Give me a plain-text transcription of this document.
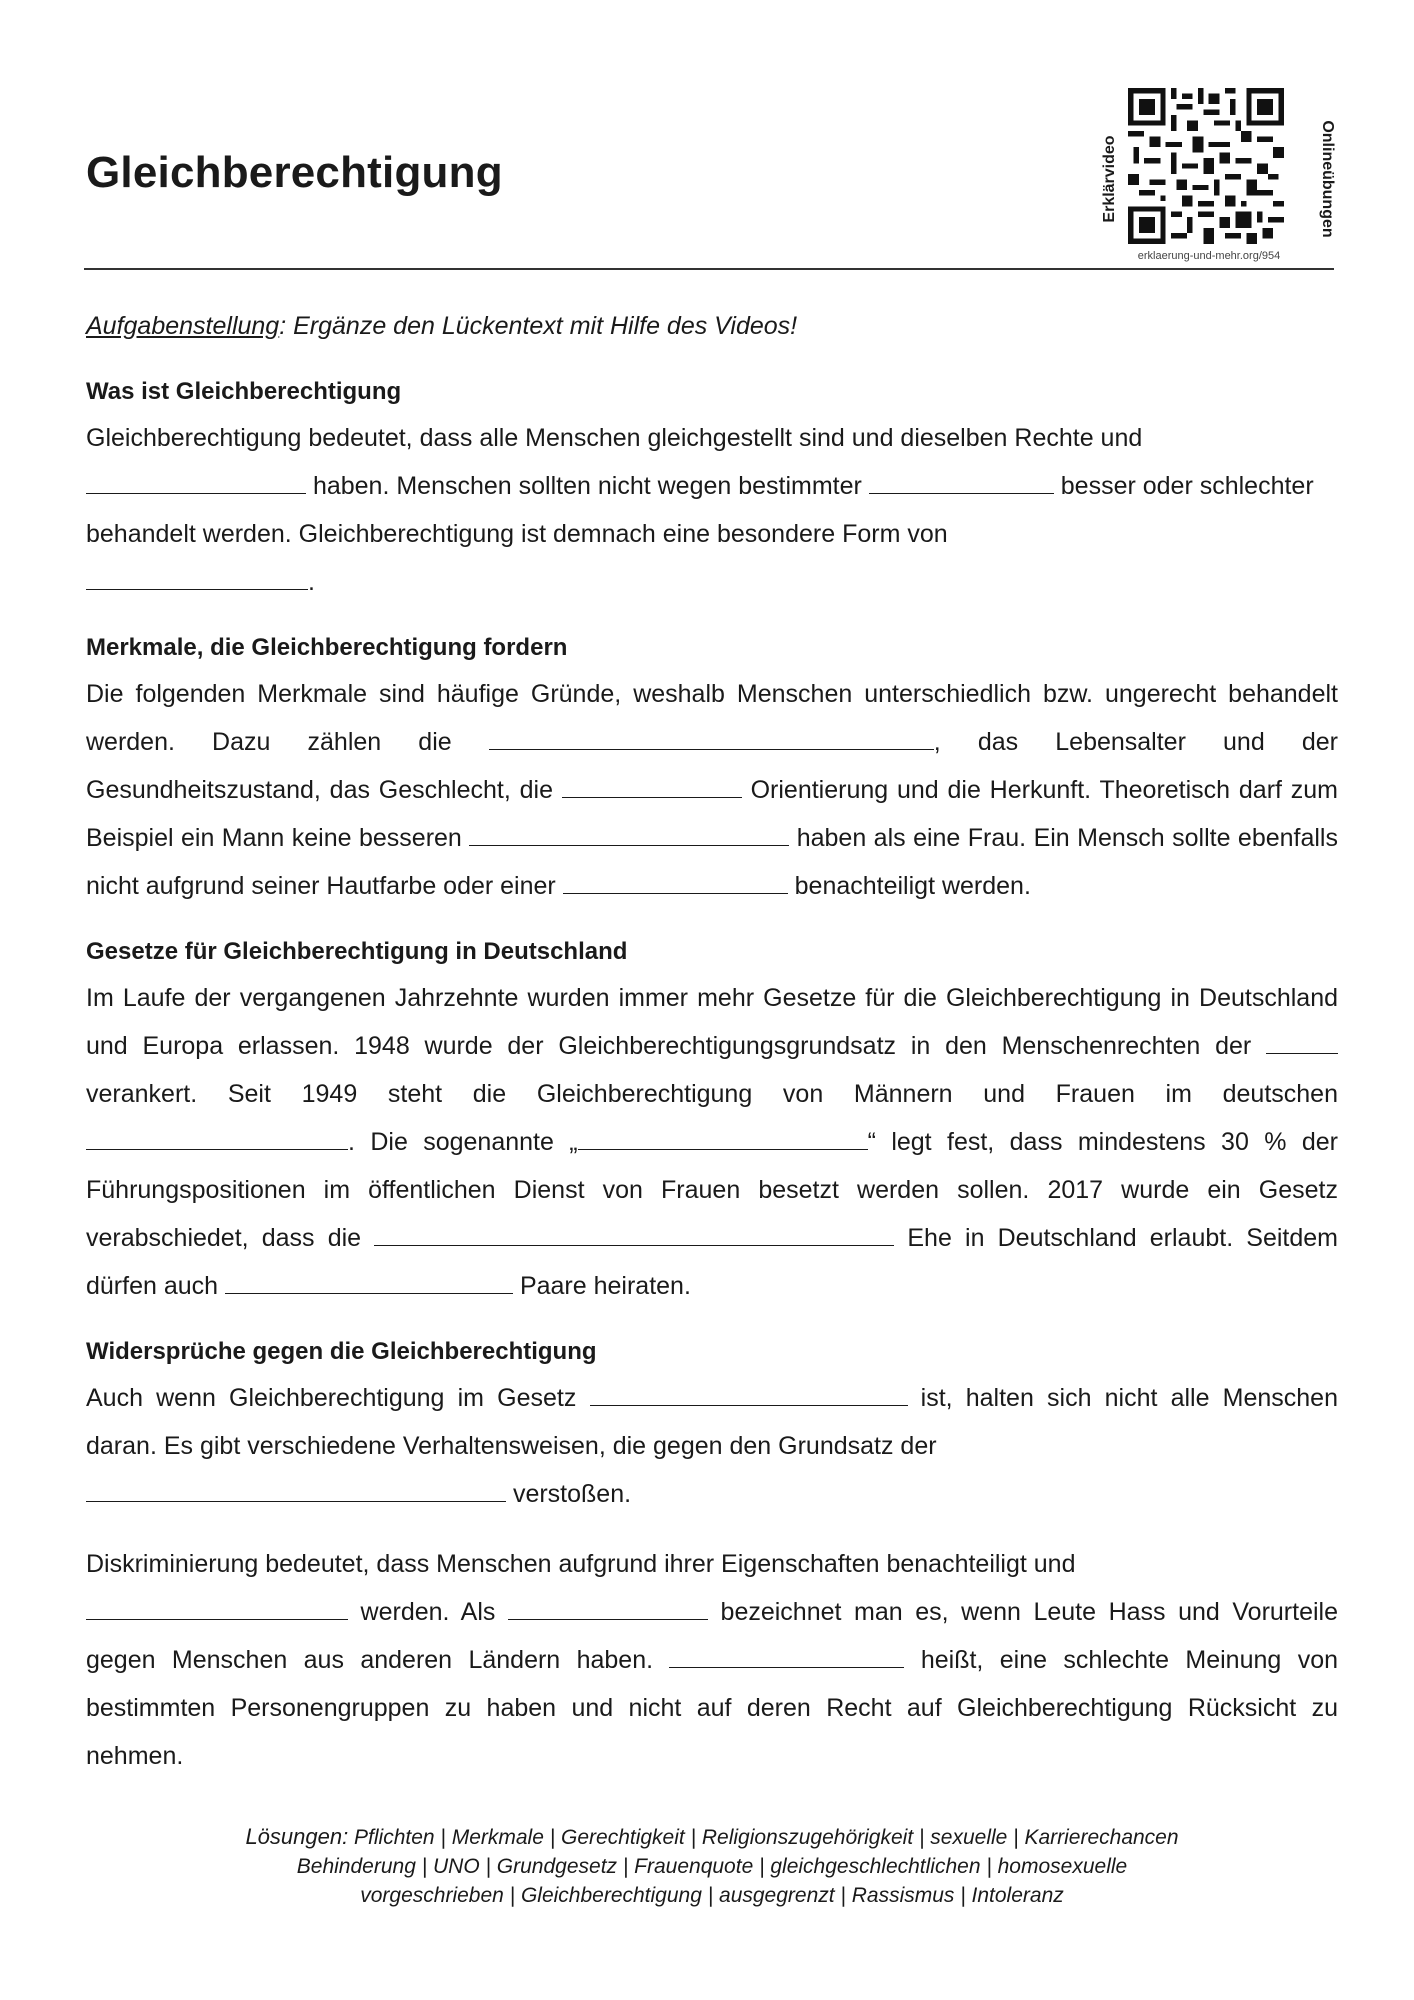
Gleichberechtigung	Erklärvideo	Onlineübungen
erklaerung-und-mehr.org/954

Aufgabenstellung: Ergänze den Lückentext mit Hilfe des Videos!

Was ist Gleichberechtigung

Gleichberechtigung bedeutet, dass alle Menschen gleichgestellt sind und dieselben Rechte und
haben. Menschen sollten nicht wegen bestimmter	besser oder schlechter behandelt werden. Gleichberechtigung ist demnach eine besondere Form von
.

Merkmale, die Gleichberechtigung fordern

Die folgenden Merkmale sind häufige Gründe, weshalb Menschen unterschiedlich bzw. ungerecht behandelt werden. Dazu zählen die	, das Lebensalter und der Gesundheitszustand, das Geschlecht, die	Orientierung und die Herkunft. Theoretisch darf zum Beispiel ein Mann keine besseren	haben als eine Frau. Ein Mensch sollte ebenfalls nicht aufgrund seiner Hautfarbe oder einer	benachteiligt werden.

Gesetze für Gleichberechtigung in Deutschland

Im Laufe der vergangenen Jahrzehnte wurden immer mehr Gesetze für die Gleichberechtigung in Deutschland und Europa erlassen. 1948 wurde der Gleichberechtigungsgrundsatz in den Menschenrechten der  verankert. Seit 1949 steht die Gleichberechtigung von Männern und Frauen im deutschen . Die sogenannte „	“ legt fest, dass mindestens 30 % der Führungspositionen im öffentlichen Dienst von Frauen besetzt werden sollen. 2017 wurde ein Gesetz verabschiedet, dass die	Ehe in Deutschland erlaubt. Seitdem dürfen auch	Paare heiraten.

Widersprüche gegen die Gleichberechtigung

Auch wenn Gleichberechtigung im Gesetz	ist, halten sich nicht alle Menschen daran. Es gibt verschiedene Verhaltensweisen, die gegen den Grundsatz der
verstoßen.

Diskriminierung bedeutet, dass Menschen aufgrund ihrer Eigenschaften benachteiligt und
werden. Als	bezeichnet man es, wenn Leute Hass und Vorurteile gegen Menschen aus anderen Ländern haben.	heißt, eine schlechte Meinung von bestimmten Personengruppen zu haben und nicht auf deren Recht auf Gleichberechtigung Rücksicht zu nehmen.

Lösungen: Pflichten | Merkmale | Gerechtigkeit | Religionszugehörigkeit | sexuelle | Karrierechancen
Behinderung | UNO | Grundgesetz | Frauenquote | gleichgeschlechtlichen | homosexuelle
vorgeschrieben | Gleichberechtigung | ausgegrenzt | Rassismus | Intoleranz
